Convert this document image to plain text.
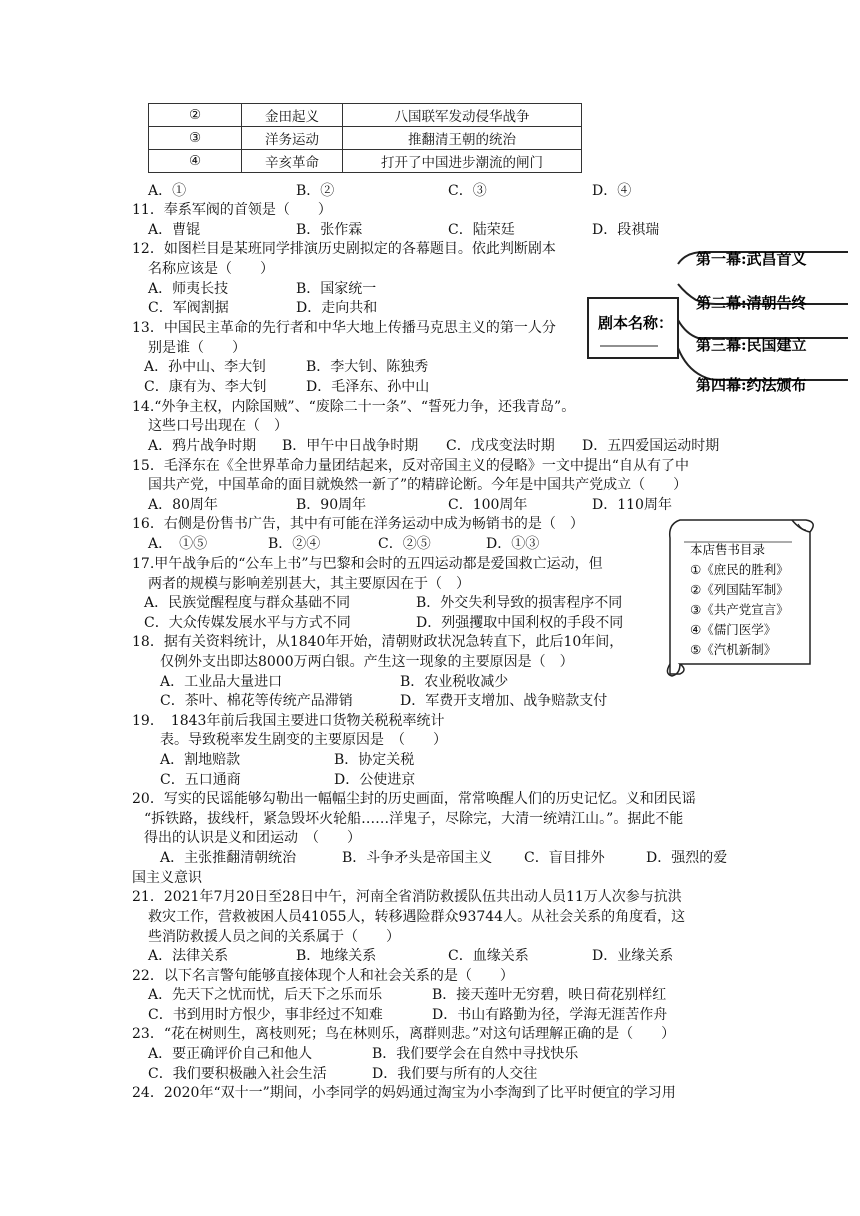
②	金田起义	八国联军发动侵华战争
③	洋务运动	推翻清王朝的统治
④	辛亥革命	打开了中国进步潮流的闸门
A．①	B．②	C．③	D．④
11．奉系军阀的首领是（　　）
A．曹锟	B．张作霖	C．陆荣廷	D．段祺瑞
12．如图栏目是某班同学排演历史剧拟定的各幕题目。依此判断剧本
名称应该是（　　）
A．师夷长技	B．国家统一
C．军阀割据	D．走向共和
剧本名称：
第一幕:武昌首义
第二幕:清朝告终
第三幕:民国建立
第四幕:约法颁布
13．中国民主革命的先行者和中华大地上传播马克思主义的第一人分
别是谁（　　）
A．孙中山、李大钊	B．李大钊、陈独秀
C．康有为、李大钊	D．毛泽东、孙中山
14.“外争主权，内除国贼”、“废除二十一条”、“誓死力争，还我青岛”。
这些口号出现在（　）
A．鸦片战争时期 B．甲午中日战争时期 C．戊戌变法时期 D．五四爱国运动时期
15．毛泽东在《全世界革命力量团结起来，反对帝国主义的侵略》一文中提出“自从有了中
国共产党，中国革命的面目就焕然一新了”的精辟论断。今年是中国共产党成立（　　）
A．80周年	B．90周年	C．100周年	D．110周年
16．右侧是份售书广告，其中有可能在洋务运动中成为畅销书的是（　）
A．　①⑤	B．②④	C．②⑤	D．①③	本店售书目录
①《庶民的胜利》
②《列国陆军制》
③《共产党宣言》
④《儒门医学》
⑤《汽机新制》
17.甲午战争后的“公车上书”与巴黎和会时的五四运动都是爱国救亡运动，但
两者的规模与影响差别甚大，其主要原因在于（　）
A．民族觉醒程度与群众基础不同	B．外交失利导致的损害程序不同
C．大众传媒发展水平与方式不同	D．列强攫取中国利权的手段不同
18．据有关资料统计，从1840年开始，清朝财政状况急转直下，此后10年间，
仅例外支出即达8000万两白银。产生这一现象的主要原因是（　）
A．工业品大量进口	B．农业税收减少
C．茶叶、棉花等传统产品滞销	D．军费开支增加、战争赔款支付
19．　1843年前后我国主要进口货物关税税率统计
表。导致税率发生剧变的主要原因是　（　　）
A．割地赔款	B．协定关税
C．五口通商	D．公使进京
20．写实的民谣能够勾勒出一幅幅尘封的历史画面，常常唤醒人们的历史记忆。义和团民谣
“拆铁路，拔线杆，紧急毁坏火轮船……洋鬼子，尽除完，大清一统靖江山。”。据此不能
得出的认识是义和团运动　（　　）
A．主张推翻清朝统治	B．斗争矛头是帝国主义 C．盲目排外	D．强烈的爱
国主义意识
21．2021年7月20日至28日中午，河南全省消防救援队伍共出动人员11万人次参与抗洪
救灾工作，营救被困人员41055人，转移遇险群众93744人。从社会关系的角度看，这
些消防救援人员之间的关系属于（　　）
A．法律关系	B．地缘关系	C．血缘关系	D．业缘关系
22．以下名言警句能够直接体现个人和社会关系的是（　　）
A．先天下之忧而忧，后天下之乐而乐	B．接天莲叶无穷碧，映日荷花别样红
C．书到用时方恨少，事非经过不知难	D．书山有路勤为径，学海无涯苦作舟
23．“花在树则生，离枝则死；鸟在林则乐，离群则悲。”对这句话理解正确的是（　　）
A．要正确评价自己和他人	B．我们要学会在自然中寻找快乐
C．我们要积极融入社会生活	D．我们要与所有的人交往
24．2020年“双十一”期间，小李同学的妈妈通过淘宝为小李淘到了比平时便宜的学习用
